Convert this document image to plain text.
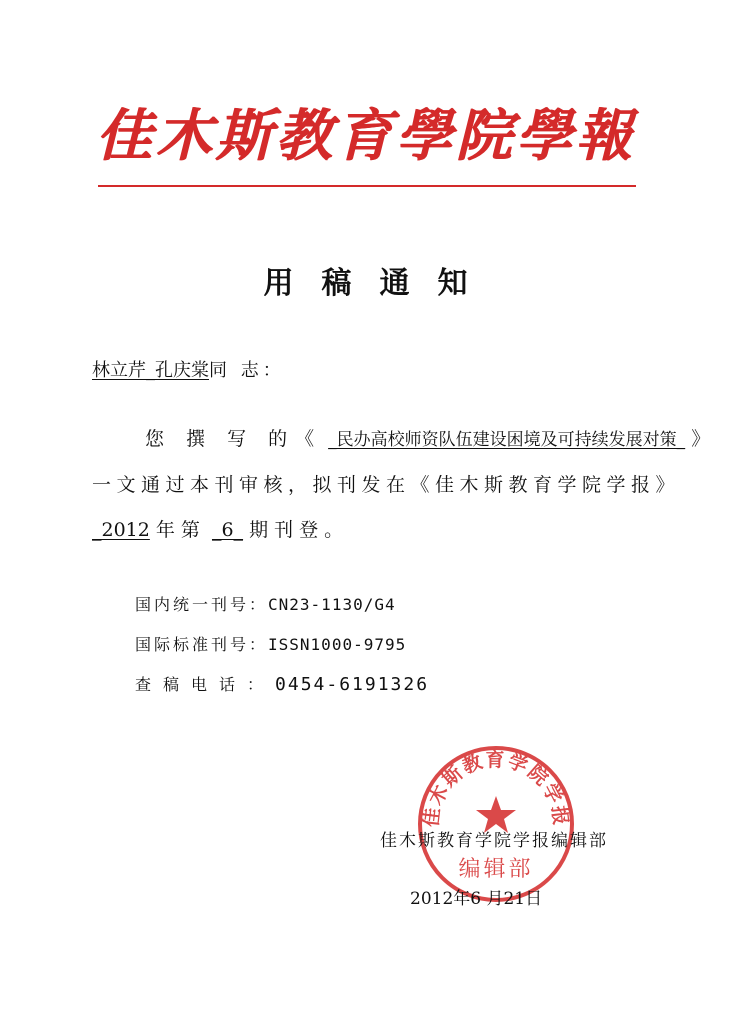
佳木斯教育學院學報
用稿通知
林立芹_孔庆棠同 志：
您 撰 写 的《 _民办高校师资队伍建设困境及可持续发展对策_ 》
一文通过本刊审核，拟刊发在《佳木斯教育学院学报》
_2012 年第 _6_ 期刊登。
国内统一刊号：CN23-1130/G4
国际标准刊号：ISSN1000-9795
查稿电话：0454-6191326
佳木斯教育学院学报
编辑部
佳木斯教育学院学报编辑部
2012年6 月21日
